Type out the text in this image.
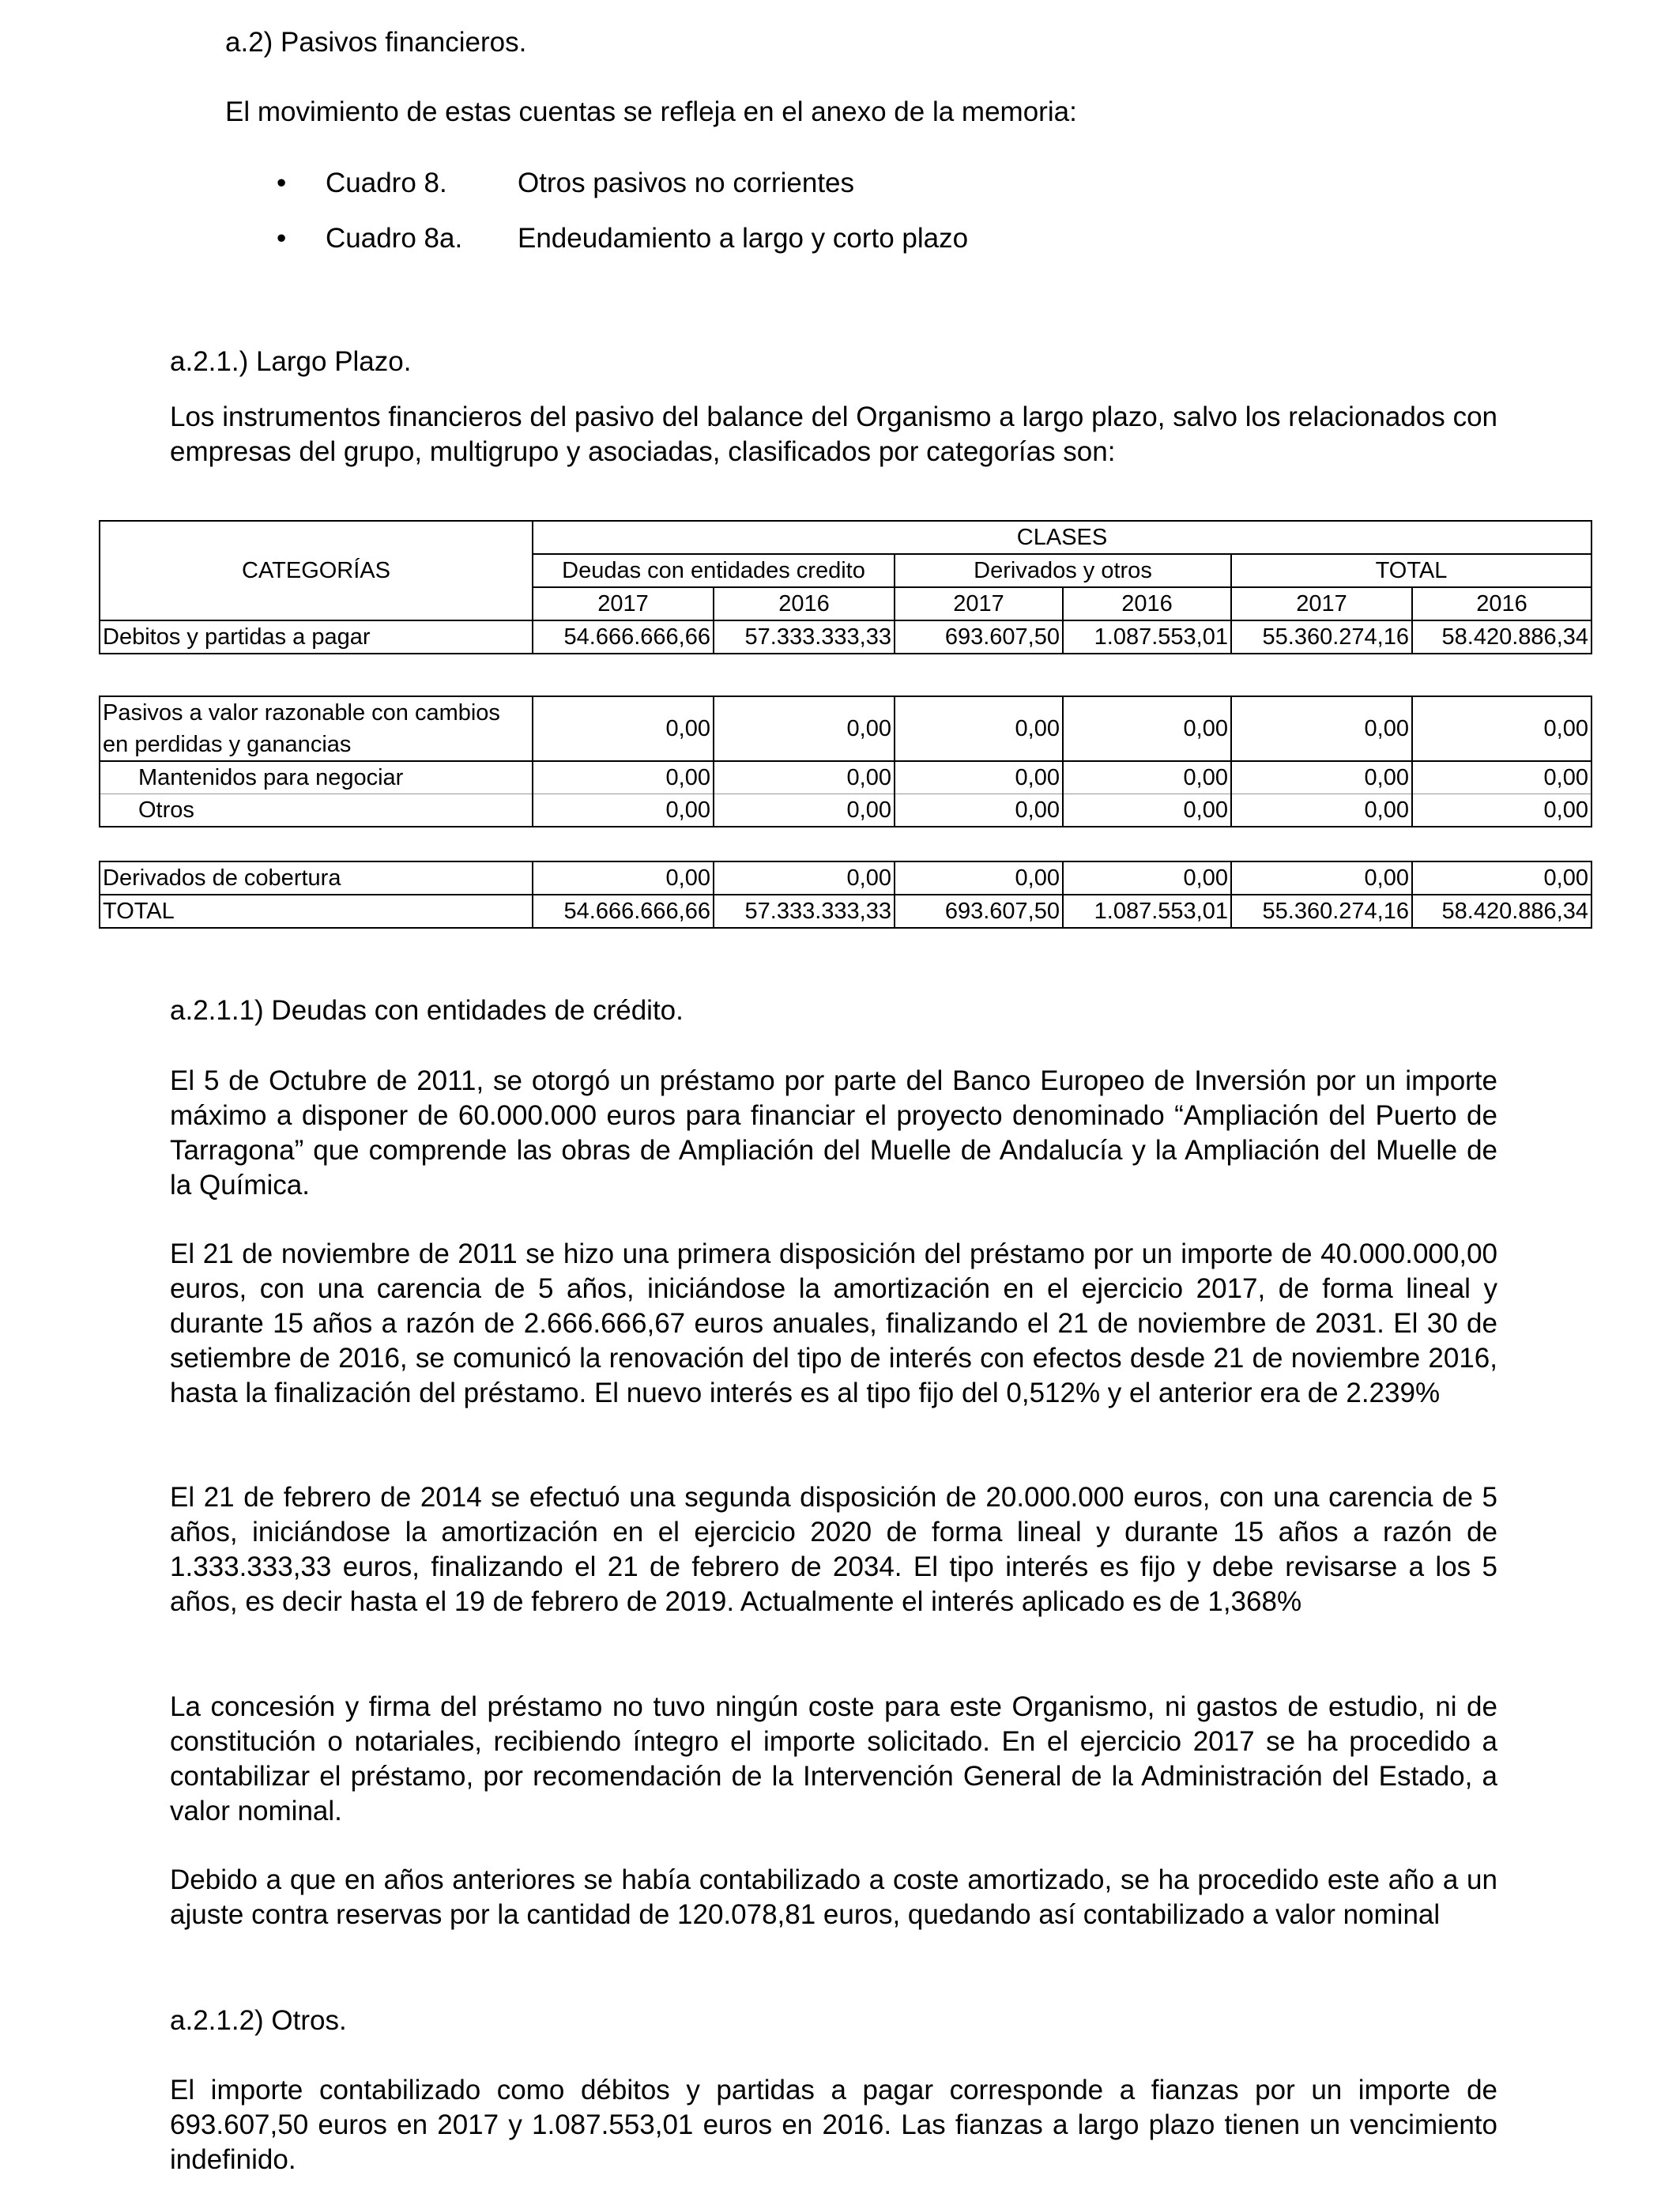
a.2) Pasivos financieros.
El movimiento de estas cuentas se refleja en el anexo de la memoria:
• Cuadro 8.	Otros pasivos no corrientes
• Cuadro 8a. Endeudamiento a largo y corto plazo
a.2.1.) Largo Plazo.
Los instrumentos financieros del pasivo del balance del Organismo a largo plazo, salvo los relacionados con empresas del grupo, multigrupo y asociadas, clasificados por categorías son:
CATEGORÍAS	CLASES					
	Deudas con entidades credito		Derivados y otros		TOTAL	
	2017	2016	2017	2016	2017	2016
Debitos y partidas a pagar	54.666.666,66	57.333.333,33	693.607,50	1.087.553,01	55.360.274,16	58.420.886,34
Pasivos a valor razonable con cambios en perdidas y ganancias	0,00	0,00	0,00	0,00	0,00	0,00
Mantenidos para negociar	0,00	0,00	0,00	0,00	0,00	0,00
Otros	0,00	0,00	0,00	0,00	0,00	0,00
Derivados de cobertura	0,00	0,00	0,00	0,00	0,00	0,00
TOTAL	54.666.666,66	57.333.333,33	693.607,50	1.087.553,01	55.360.274,16	58.420.886,34
a.2.1.1) Deudas con entidades de crédito.
El 5 de Octubre de 2011, se otorgó un préstamo por parte del Banco Europeo de Inversión por un importe máximo a disponer de 60.000.000 euros para financiar el proyecto denominado “Ampliación del Puerto de Tarragona” que comprende las obras de Ampliación del Muelle de Andalucía y la Ampliación del Muelle de la Química.
El 21 de noviembre de 2011 se hizo una primera disposición del préstamo por un importe de 40.000.000,00 euros, con una carencia de 5 años, iniciándose la amortización en el ejercicio 2017, de forma lineal y durante 15 años a razón de 2.666.666,67 euros anuales, finalizando el 21 de noviembre de 2031. El 30 de setiembre de 2016, se comunicó la renovación del tipo de interés con efectos desde 21 de noviembre 2016, hasta la finalización del préstamo. El nuevo interés es al tipo fijo del 0,512% y el anterior era de 2.239%
El 21 de febrero de 2014 se efectuó una segunda disposición de 20.000.000 euros, con una carencia de 5 años, iniciándose la amortización en el ejercicio 2020 de forma lineal y durante 15 años a razón de 1.333.333,33 euros, finalizando el 21 de febrero de 2034. El tipo interés es fijo y debe revisarse a los 5 años, es decir hasta el 19 de febrero de 2019. Actualmente el interés aplicado es de 1,368%
La concesión y firma del préstamo no tuvo ningún coste para este Organismo, ni gastos de estudio, ni de constitución o notariales, recibiendo íntegro el importe solicitado. En el ejercicio 2017 se ha procedido a contabilizar el préstamo, por recomendación de la Intervención General de la Administración del Estado, a valor nominal.
Debido a que en años anteriores se había contabilizado a coste amortizado, se ha procedido este año a un ajuste contra reservas por la cantidad de 120.078,81 euros, quedando así contabilizado a valor nominal
a.2.1.2) Otros.
El importe contabilizado como débitos y partidas a pagar corresponde a fianzas por un importe de 693.607,50 euros en 2017 y 1.087.553,01 euros en 2016. Las fianzas a largo plazo tienen un vencimiento indefinido.
